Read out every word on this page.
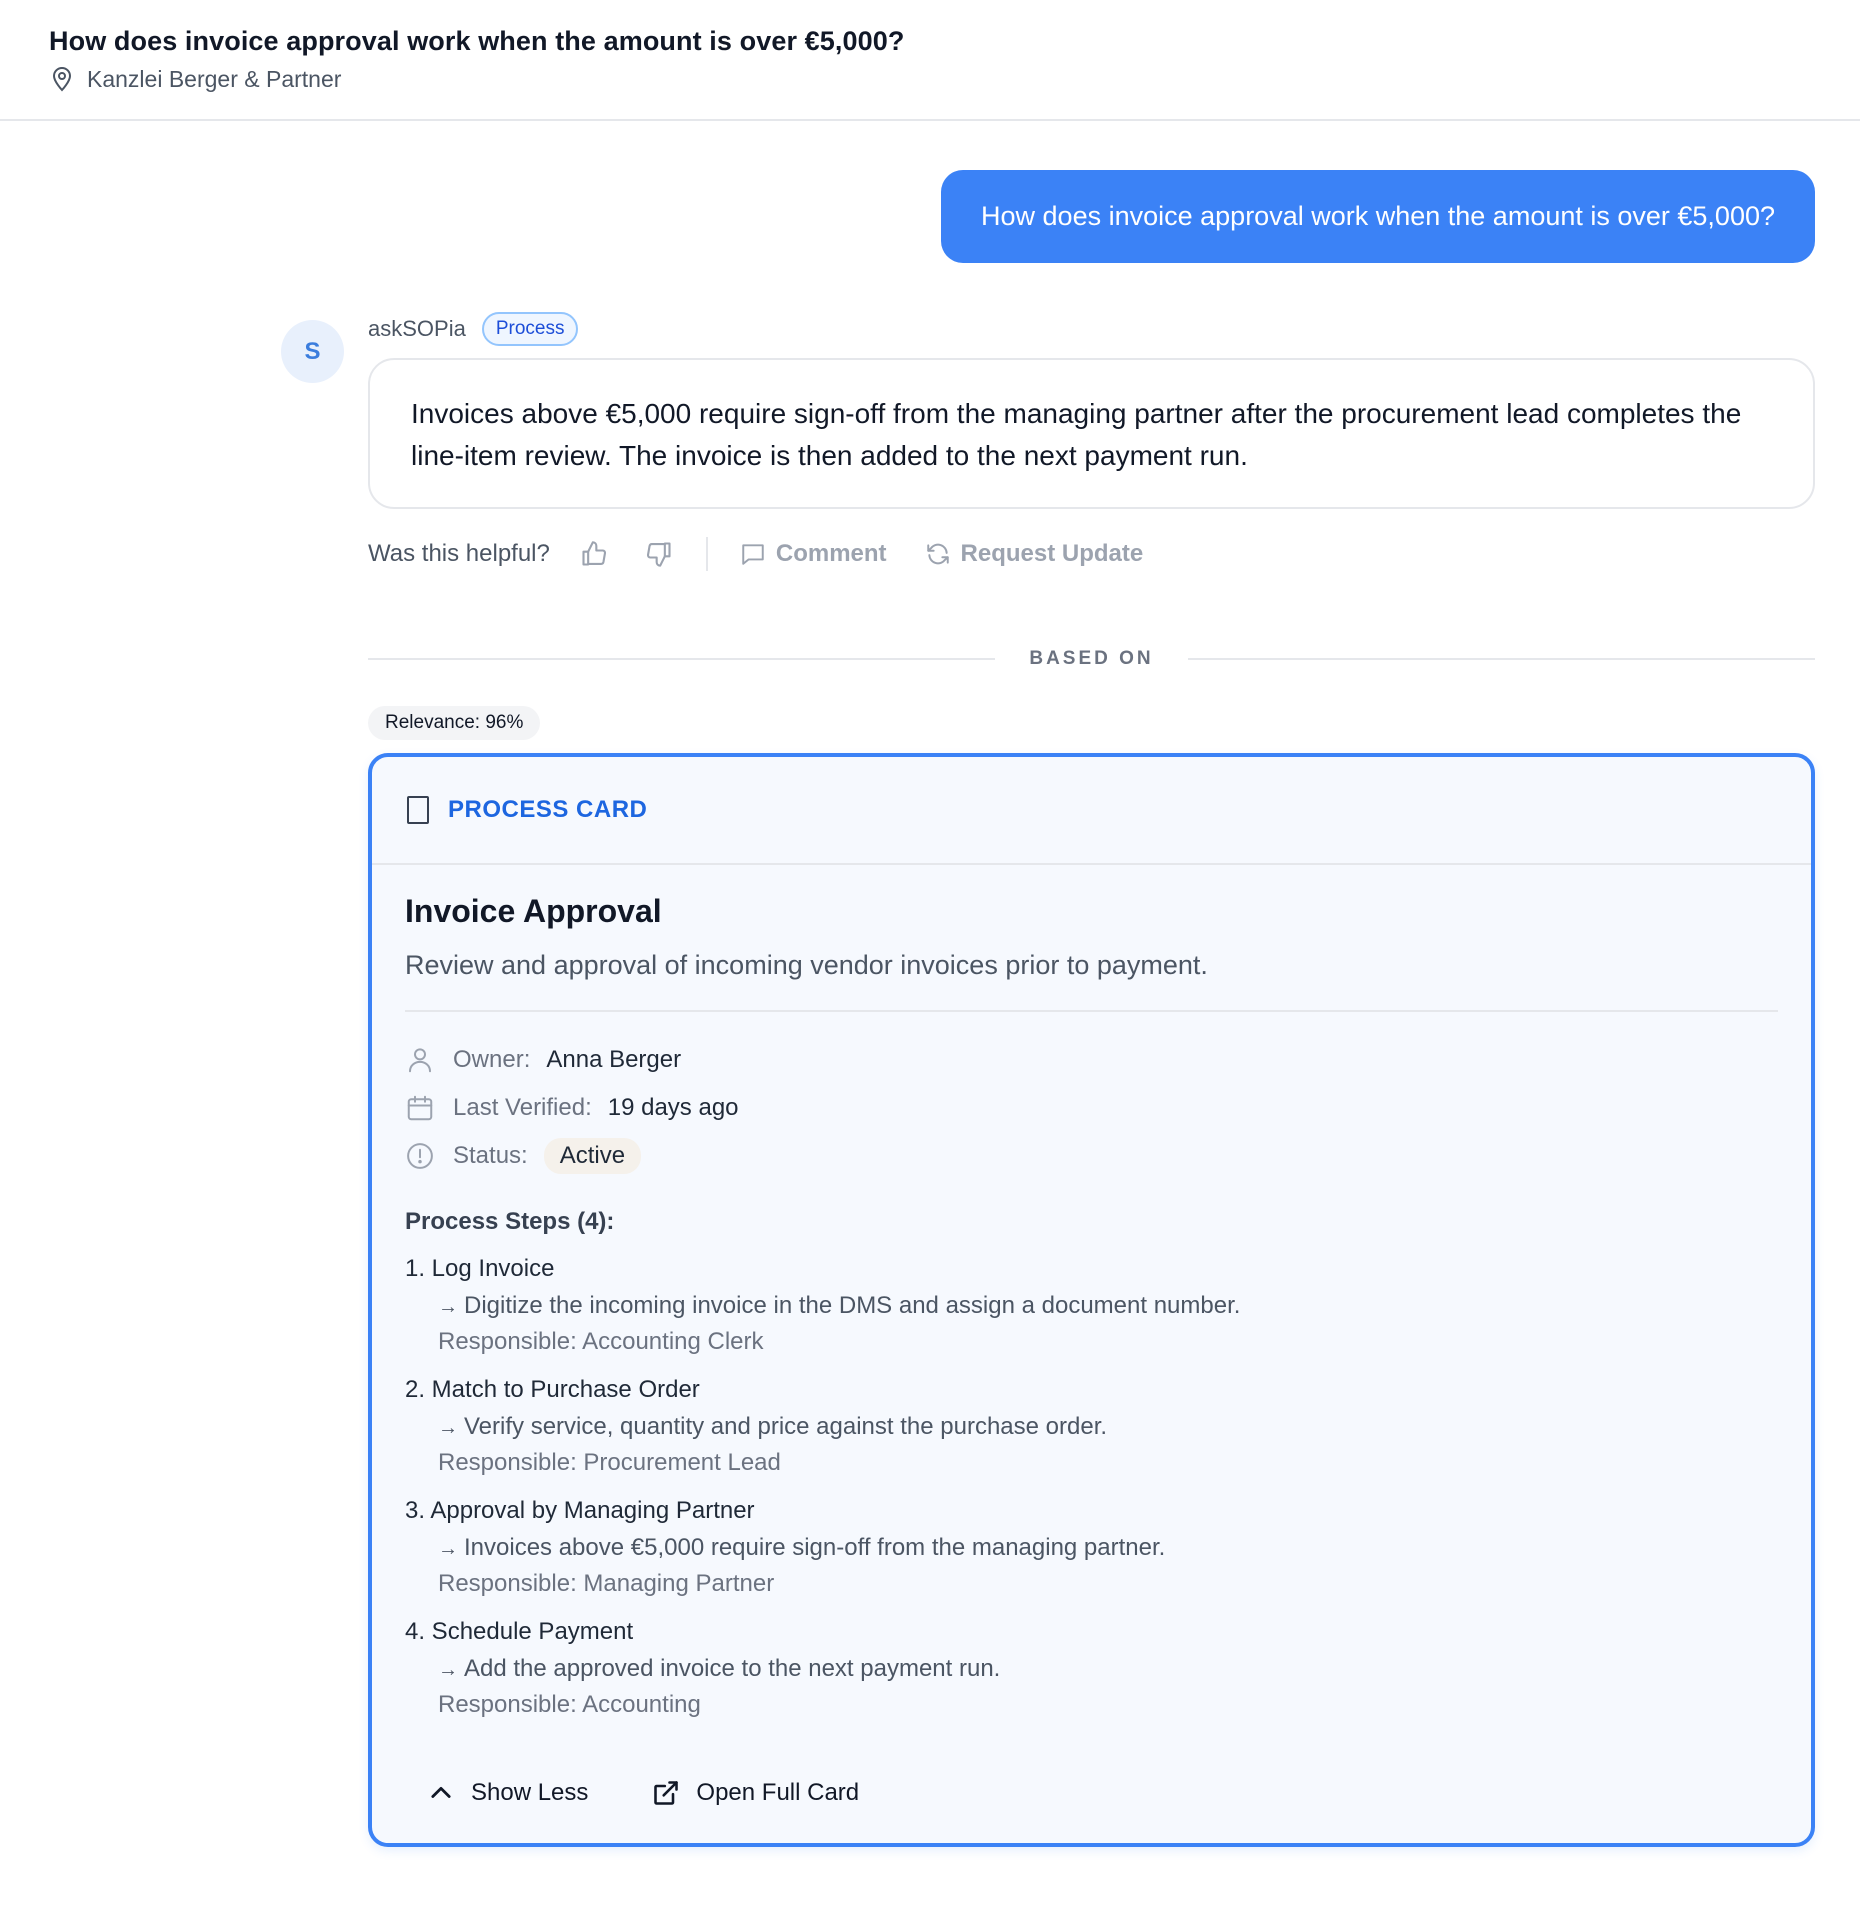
How does invoice approval work when the amount is over €5,000?
Kanzlei Berger & Partner
How does invoice approval work when the amount is over €5,000?
S
askSOPia	Process
Invoices above €5,000 require sign-off from the managing partner after the procurement lead completes the line-item review. The invoice is then added to the next payment run.
Was this helpful?	Comment	Request Update
BASED ON
Relevance: 96%
PROCESS CARD
Invoice Approval
Review and approval of incoming vendor invoices prior to payment.
Owner: Anna Berger
Last Verified: 19 days ago
Status:	Active
Process Steps (4):
1. Log Invoice
→ Digitize the incoming invoice in the DMS and assign a document number.
Responsible: Accounting Clerk
2. Match to Purchase Order
→ Verify service, quantity and price against the purchase order.
Responsible: Procurement Lead
3. Approval by Managing Partner
→ Invoices above €5,000 require sign-off from the managing partner.
Responsible: Managing Partner
4. Schedule Payment
→ Add the approved invoice to the next payment run.
Responsible: Accounting
Show Less	Open Full Card
